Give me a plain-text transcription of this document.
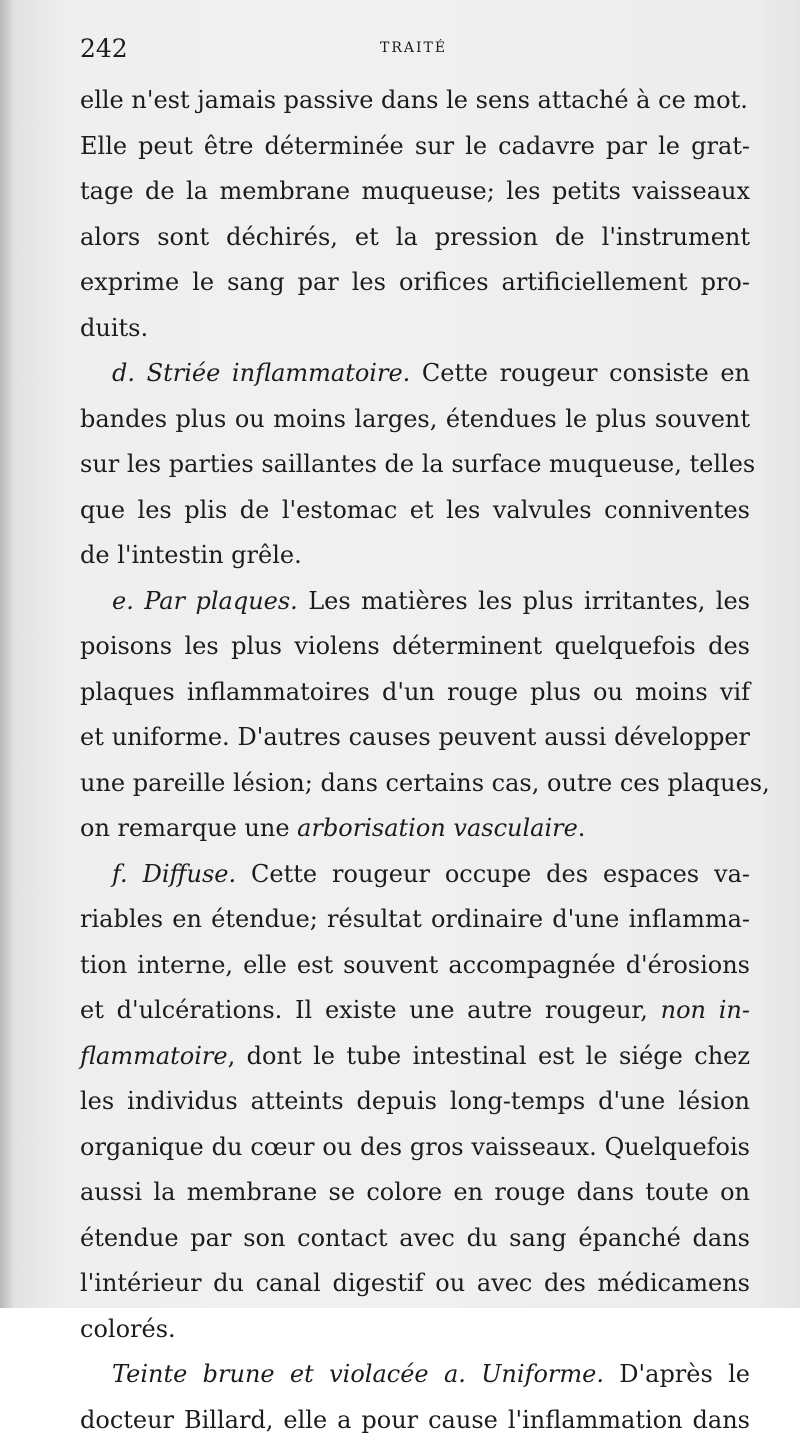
242	TRAITÉ
elle n'est jamais passive dans le sens attaché à ce mot.
Elle peut être déterminée sur le cadavre par le grat-
tage de la membrane muqueuse; les petits vaisseaux
alors sont déchirés, et la pression de l'instrument
exprime le sang par les orifices artificiellement pro-
duits.
d. Striée inflammatoire. Cette rougeur consiste en
bandes plus ou moins larges, étendues le plus souvent
sur les parties saillantes de la surface muqueuse, telles
que les plis de l'estomac et les valvules conniventes
de l'intestin grêle.
e. Par plaques. Les matières les plus irritantes, les
poisons les plus violens déterminent quelquefois des
plaques inflammatoires d'un rouge plus ou moins vif
et uniforme. D'autres causes peuvent aussi développer
une pareille lésion; dans certains cas, outre ces plaques,
on remarque une arborisation vasculaire.
f. Diffuse. Cette rougeur occupe des espaces va-
riables en étendue; résultat ordinaire d'une inflamma-
tion interne, elle est souvent accompagnée d'érosions
et d'ulcérations. Il existe une autre rougeur, non in-
flammatoire, dont le tube intestinal est le siége chez
les individus atteints depuis long-temps d'une lésion
organique du cœur ou des gros vaisseaux. Quelquefois
aussi la membrane se colore en rouge dans toute on
étendue par son contact avec du sang épanché dans
l'intérieur du canal digestif ou avec des médicamens
colorés.
Teinte brune et violacée a. Uniforme. D'après le
docteur Billard, elle a pour cause l'inflammation dans
